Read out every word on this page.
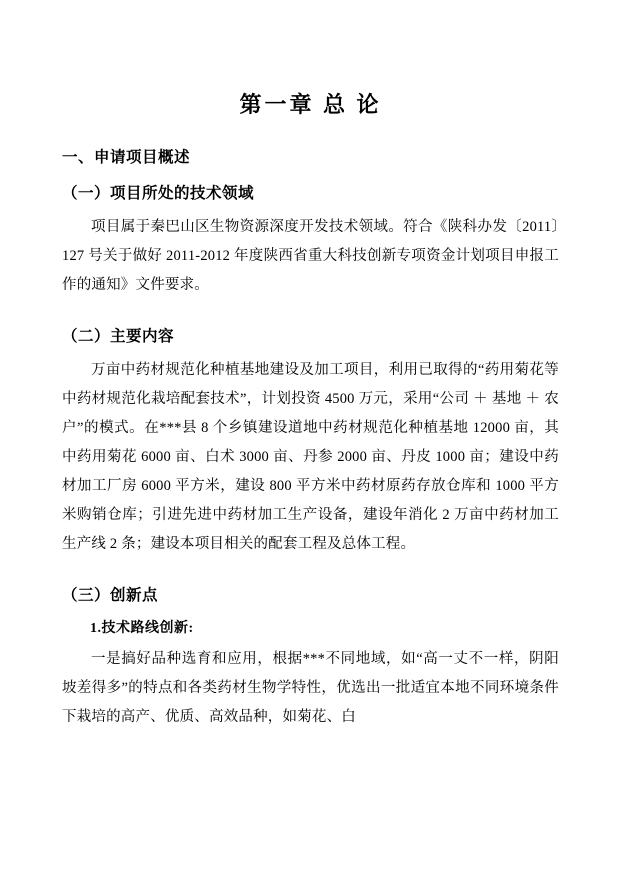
第一章 总 论
一、申请项目概述
（一）项目所处的技术领域

项目属于秦巴山区生物资源深度开发技术领域。符合《陕科办发〔2011〕127 号关于做好 2011-2012 年度陕西省重大科技创新专项资金计划项目申报工作的通知》文件要求。

（二）主要内容

万亩中药材规范化种植基地建设及加工项目，利用已取得的“药用菊花等中药材规范化栽培配套技术”，计划投资 4500 万元，采用“公司 ＋ 基地 ＋ 农户”的模式。在***县 8 个乡镇建设道地中药材规范化种植基地 12000 亩，其中药用菊花 6000 亩、白术 3000 亩、丹参 2000 亩、丹皮 1000 亩；建设中药材加工厂房 6000 平方米，建设 800 平方米中药材原药存放仓库和 1000 平方米购销仓库；引进先进中药材加工生产设备，建设年消化 2 万亩中药材加工生产线 2 条；建设本项目相关的配套工程及总体工程。

（三）创新点
1.技术路线创新:

一是搞好品种选育和应用，根据***不同地域，如“高一丈不一样，阴阳坡差得多”的特点和各类药材生物学特性，优选出一批适宜本地不同环境条件下栽培的高产、优质、高效品种，如菊花、白
